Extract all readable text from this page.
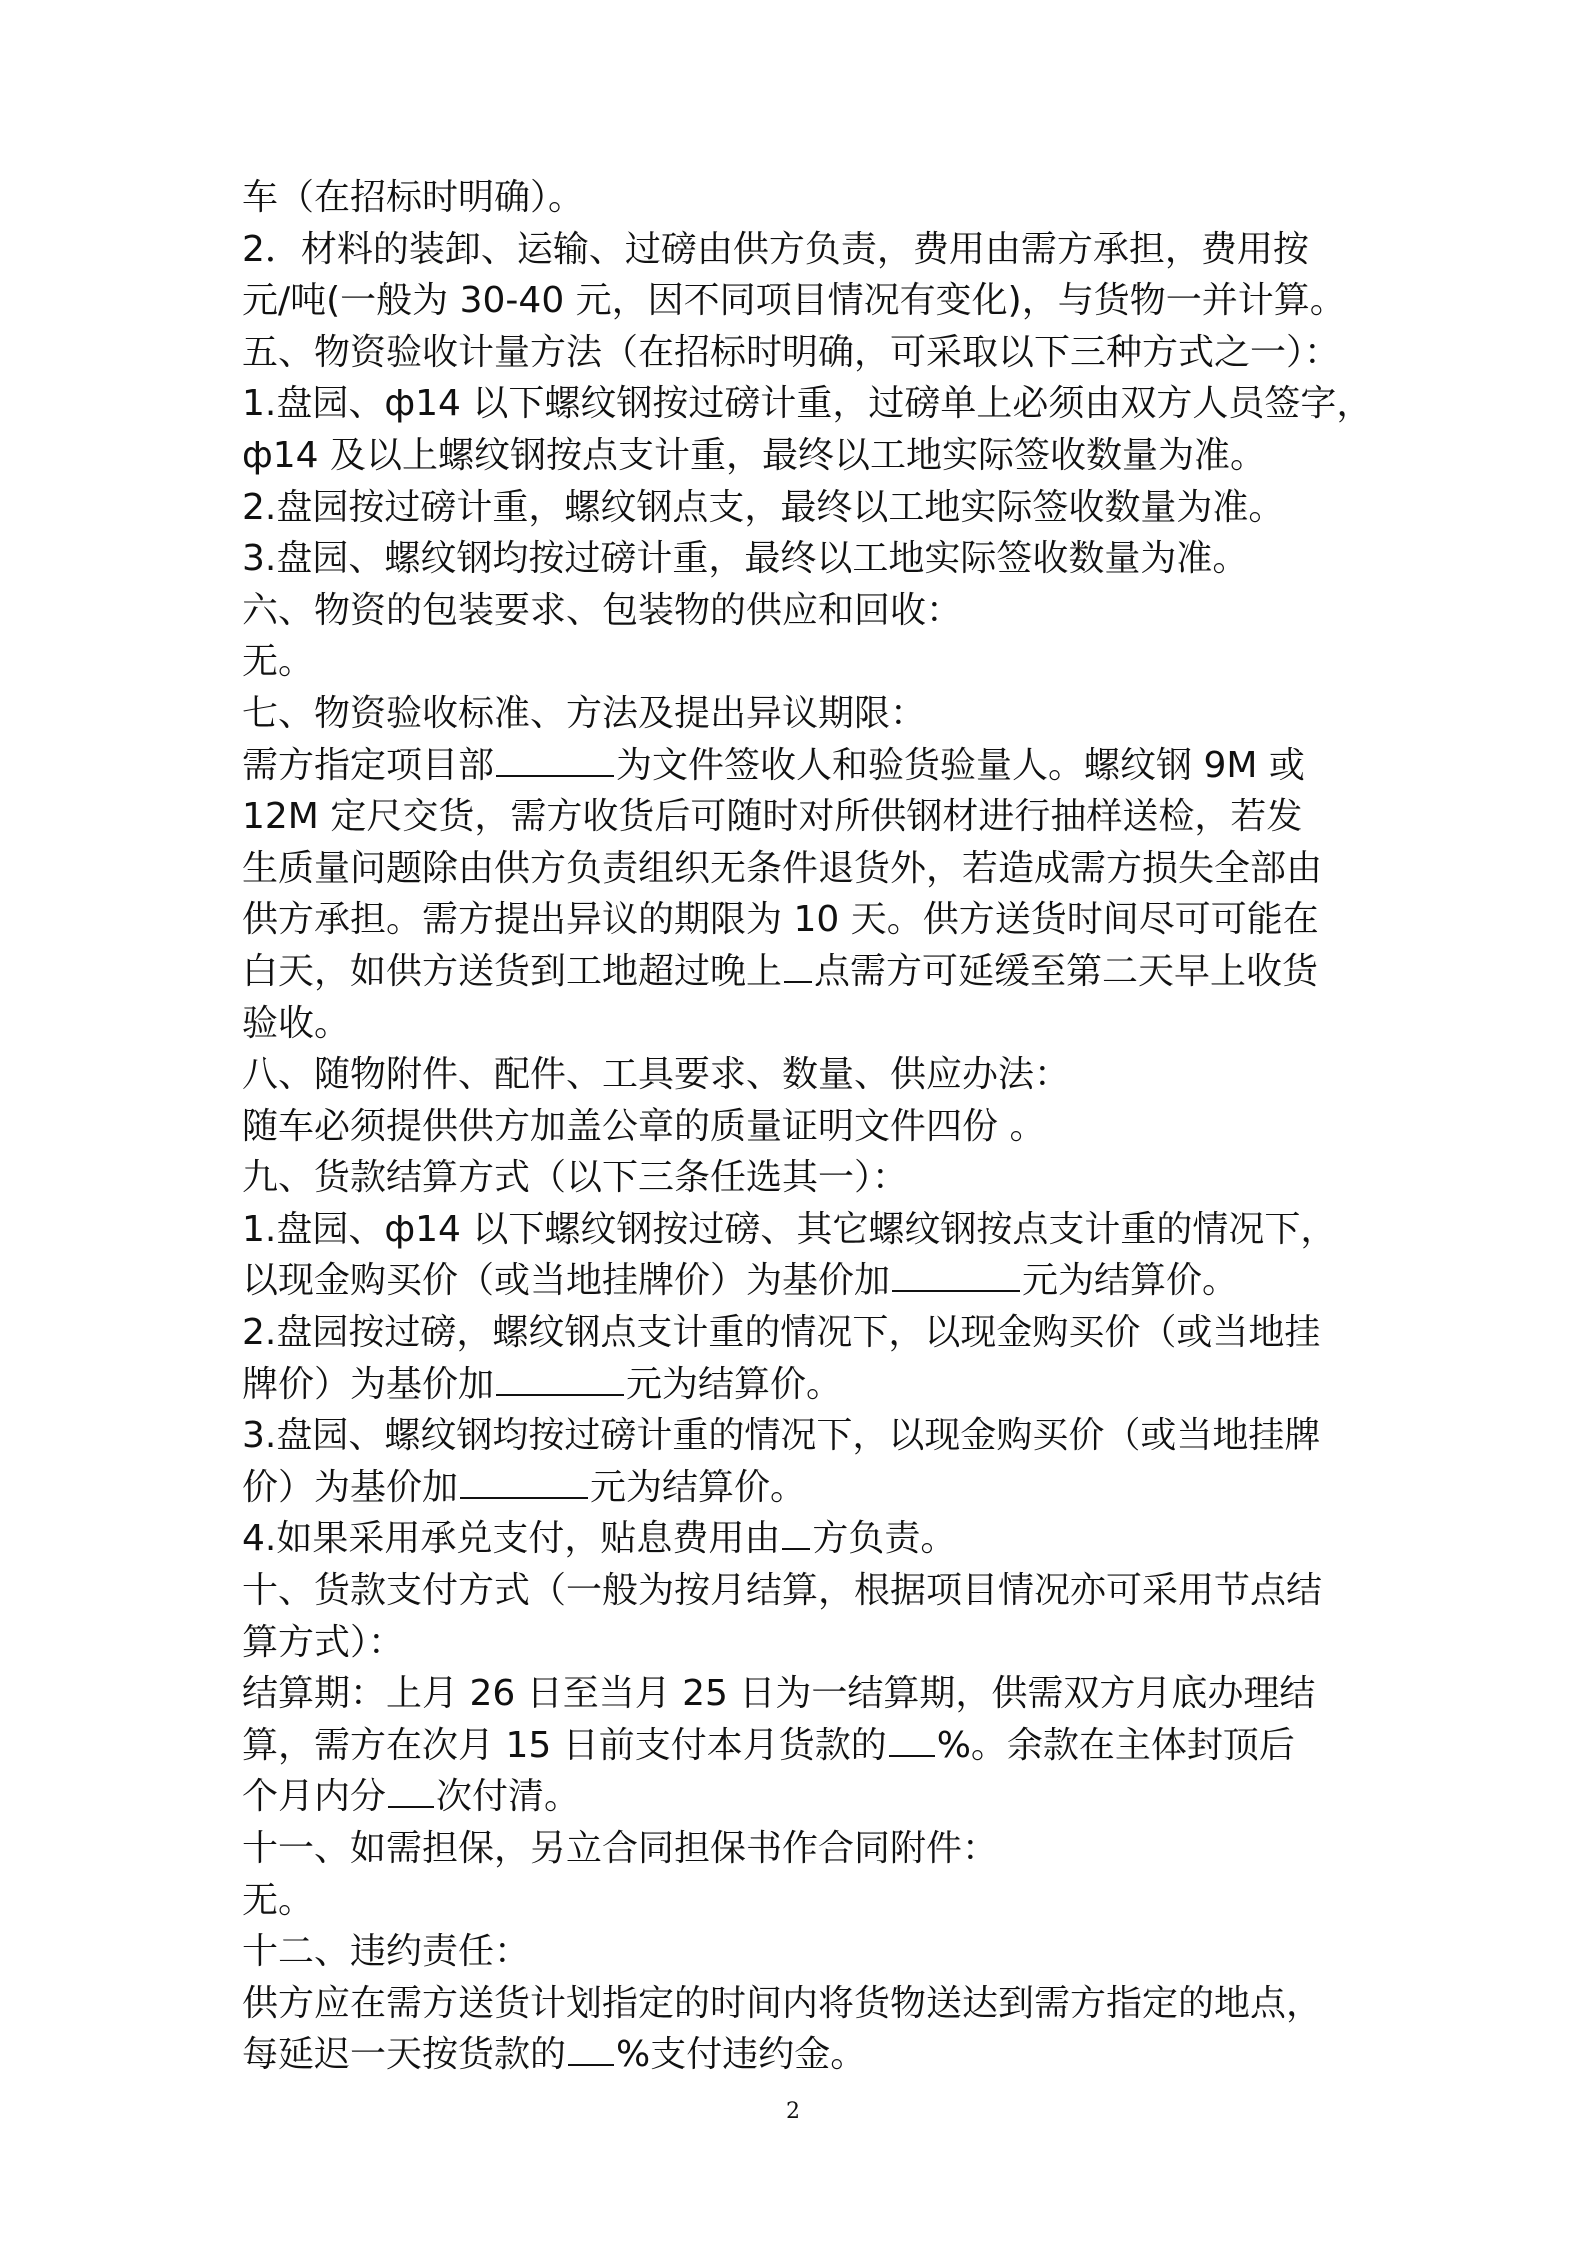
车（在招标时明确）。
2．材料的装卸、运输、过磅由供方负责，费用由需方承担，费用按
元/吨(一般为 30-40 元，因不同项目情况有变化)，与货物一并计算。
五、物资验收计量方法（在招标时明确，可采取以下三种方式之一）：
1.盘园、ф14 以下螺纹钢按过磅计重，过磅单上必须由双方人员签字，
ф14 及以上螺纹钢按点支计重，最终以工地实际签收数量为准。
2.盘园按过磅计重，螺纹钢点支，最终以工地实际签收数量为准。
3.盘园、螺纹钢均按过磅计重，最终以工地实际签收数量为准。
六、物资的包装要求、包装物的供应和回收：
无。
七、物资验收标准、方法及提出异议期限：
需方指定项目部	为文件签收人和验货验量人。螺纹钢 9M 或
12M 定尺交货，需方收货后可随时对所供钢材进行抽样送检，若发
生质量问题除由供方负责组织无条件退货外，若造成需方损失全部由
供方承担。需方提出异议的期限为 10 天。供方送货时间尽可可能在
白天，如供方送货到工地超过晚上 点需方可延缓至第二天早上收货
验收。
八、随物附件、配件、工具要求、数量、供应办法：
随车必须提供供方加盖公章的质量证明文件四份 。
九、货款结算方式（以下三条任选其一）：
1.盘园、ф14 以下螺纹钢按过磅、其它螺纹钢按点支计重的情况下，
以现金购买价（或当地挂牌价）为基价加	元为结算价。
2.盘园按过磅，螺纹钢点支计重的情况下，以现金购买价（或当地挂
牌价）为基价加	元为结算价。
3.盘园、螺纹钢均按过磅计重的情况下，以现金购买价（或当地挂牌
价）为基价加	元为结算价。
4.如果采用承兑支付，贴息费用由 方负责。
十、货款支付方式（一般为按月结算，根据项目情况亦可采用节点结
算方式）：
结算期：上月 26 日至当月 25 日为一结算期，供需双方月底办理结
算，需方在次月 15 日前支付本月货款的 %。余款在主体封顶后
个月内分 次付清。
十一、如需担保，另立合同担保书作合同附件：
无。
十二、违约责任：
供方应在需方送货计划指定的时间内将货物送达到需方指定的地点，
每延迟一天按货款的 %支付违约金。
2
